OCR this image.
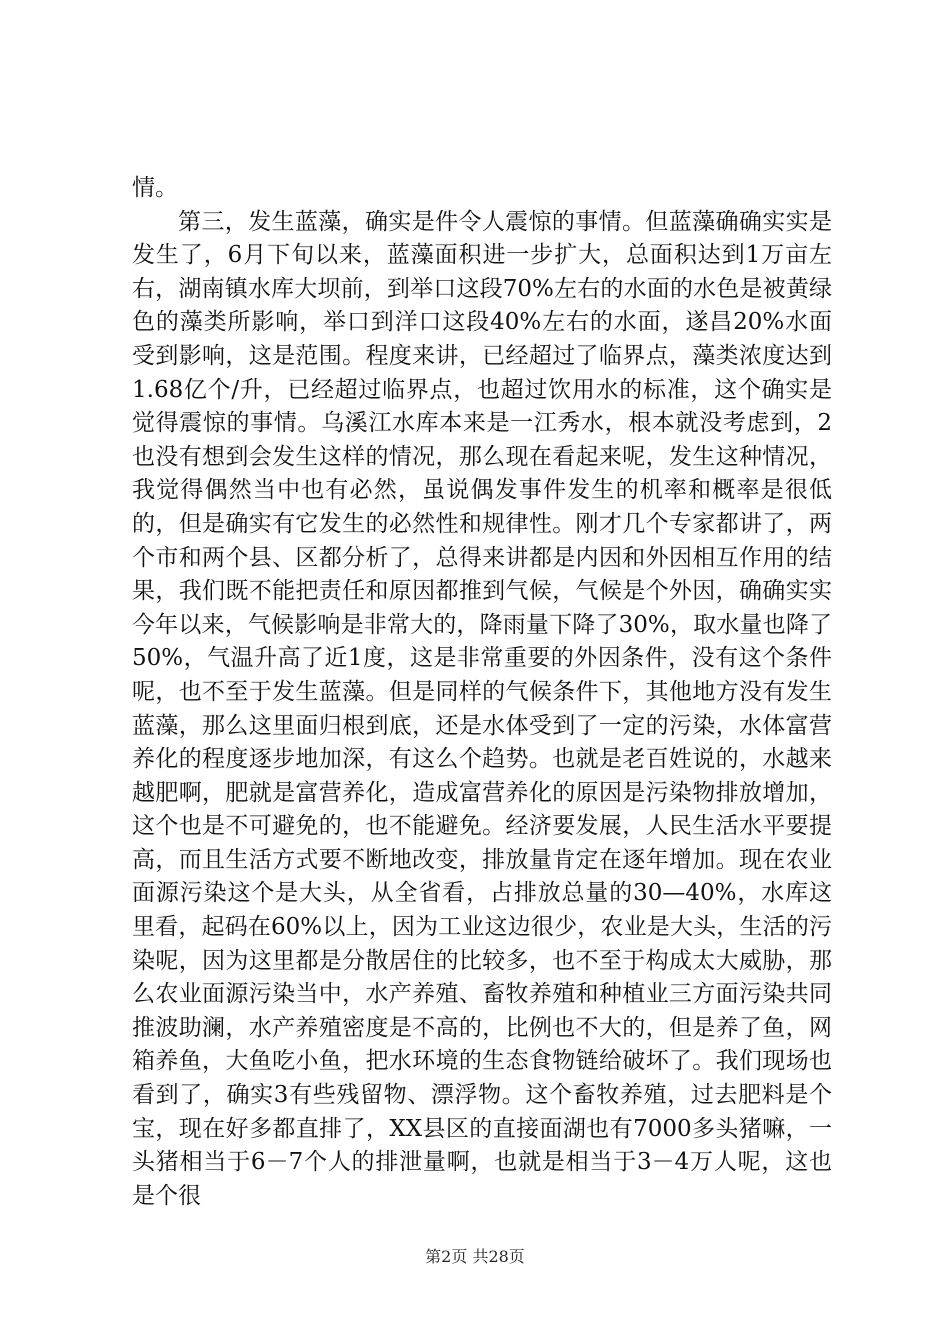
情。

第三，发生蓝藻，确实是件令人震惊的事情。但蓝藻确确实实是发生了，6月下旬以来，蓝藻面积进一步扩大，总面积达到1万亩左右，湖南镇水库大坝前，到举口这段70%左右的水面的水色是被黄绿色的藻类所影响，举口到洋口这段40%左右的水面，遂昌20%水面受到影响，这是范围。程度来讲，已经超过了临界点，藻类浓度达到1.68亿个/升，已经超过临界点，也超过饮用水的标准，这个确实是觉得震惊的事情。乌溪江水库本来是一江秀水，根本就没考虑到，2也没有想到会发生这样的情况，那么现在看起来呢，发生这种情况，我觉得偶然当中也有必然，虽说偶发事件发生的机率和概率是很低的，但是确实有它发生的必然性和规律性。刚才几个专家都讲了，两个市和两个县、区都分析了，总得来讲都是内因和外因相互作用的结果，我们既不能把责任和原因都推到气候，气候是个外因，确确实实今年以来，气候影响是非常大的，降雨量下降了30%，取水量也降了50%，气温升高了近1度，这是非常重要的外因条件，没有这个条件呢，也不至于发生蓝藻。但是同样的气候条件下，其他地方没有发生蓝藻，那么这里面归根到底，还是水体受到了一定的污染，水体富营养化的程度逐步地加深，有这么个趋势。也就是老百姓说的，水越来越肥啊，肥就是富营养化，造成富营养化的原因是污染物排放增加，这个也是不可避免的，也不能避免。经济要发展，人民生活水平要提高，而且生活方式要不断地改变，排放量肯定在逐年增加。现在农业面源污染这个是大头，从全省看，占排放总量的30—40%，水库这里看，起码在60%以上，因为工业这边很少，农业是大头，生活的污染呢，因为这里都是分散居住的比较多，也不至于构成太大威胁，那么农业面源污染当中，水产养殖、畜牧养殖和种植业三方面污染共同推波助澜，水产养殖密度是不高的，比例也不大的，但是养了鱼，网箱养鱼，大鱼吃小鱼，把水环境的生态食物链给破坏了。我们现场也看到了，确实3有些残留物、漂浮物。这个畜牧养殖，过去肥料是个宝，现在好多都直排了，XX县区的直接面湖也有7000多头猪嘛，一头猪相当于6－7个人的排泄量啊，也就是相当于3－4万人呢，这也是个很

第2页 共28页
